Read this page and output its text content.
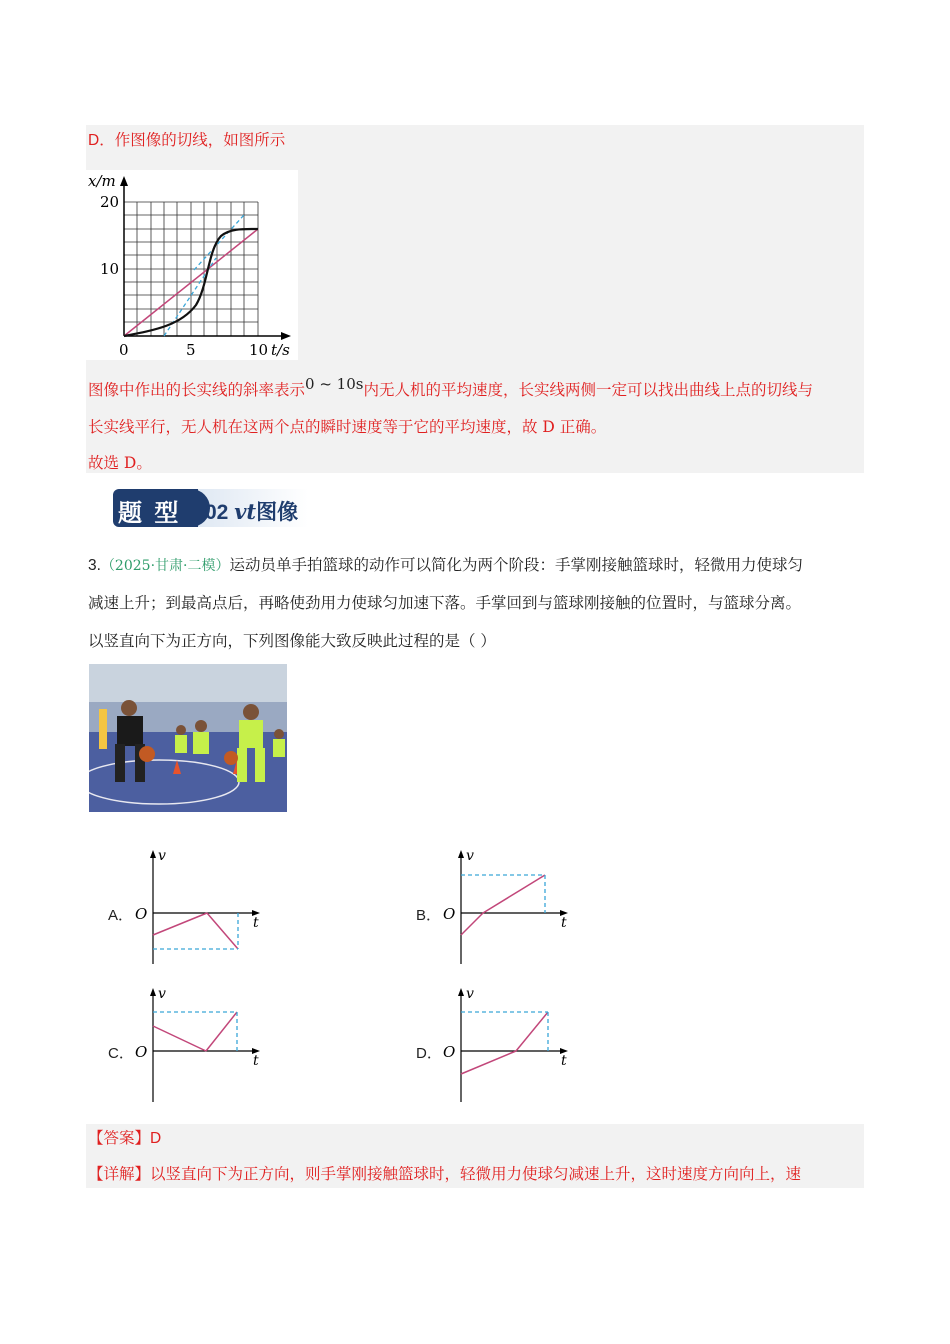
D．作图像的切线，如图所示
x/m
20
10
0	5	10 t/s
图像中作出的长实线的斜率表示0 ~ 10s内无人机的平均速度，长实线两侧一定可以找出曲线上点的切线与
长实线平行，无人机在这两个点的瞬时速度等于它的平均速度，故 D 正确。
故选 D。
题 型 02 vt图像
3.（2025·甘肃·二模）运动员单手拍篮球的动作可以简化为两个阶段：手掌刚接触篮球时，轻微用力使球匀
减速上升；到最高点后，再略使劲用力使球匀加速下落。手掌回到与篮球刚接触的位置时，与篮球分离。
以竖直向下为正方向，下列图像能大致反映此过程的是（ ）
A．
v
t
O	B．
v
t
O
C．
v
t
O	D．
v
t
O
【答案】D
【详解】以竖直向下为正方向，则手掌刚接触篮球时，轻微用力使球匀减速上升，这时速度方向向上，速
